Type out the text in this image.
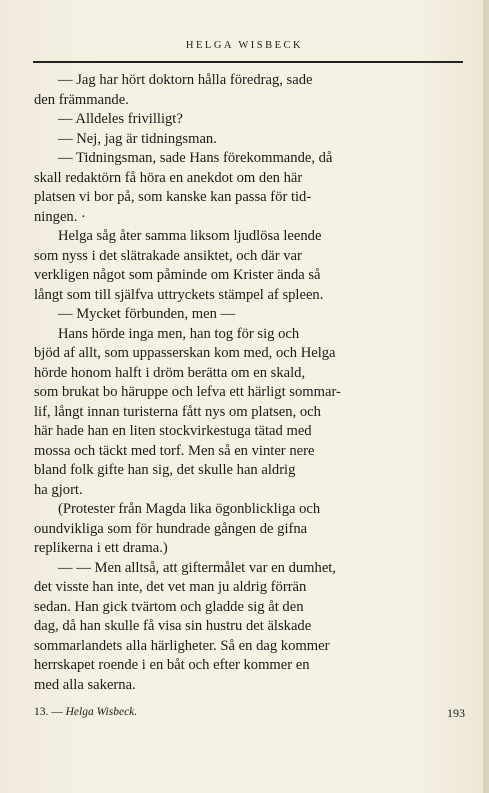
HELGA WISBECK
— Jag har hört doktorn hålla föredrag, sade
den främmande.
— Alldeles frivilligt?
— Nej, jag är tidningsman.
— Tidningsman, sade Hans förekommande, då
skall redaktörn få höra en anekdot om den här
platsen vi bor på, som kanske kan passa för tid-
ningen. ·
Helga såg åter samma liksom ljudlösa leende
som nyss i det slätrakade ansiktet, och där var
verkligen något som påminde om Krister ända så
långt som till själfva uttryckets stämpel af spleen.
— Mycket förbunden, men —
Hans hörde inga men, han tog för sig och
bjöd af allt, som uppasserskan kom med, och Helga
hörde honom halft i dröm berätta om en skald,
som brukat bo häruppe och lefva ett härligt sommar-
lif, långt innan turisterna fått nys om platsen, och
här hade han en liten stockvirkestuga tätad med
mossa och täckt med torf. Men så en vinter nere
bland folk gifte han sig, det skulle han aldrig
ha gjort.
(Protester från Magda lika ögonblickliga och
oundvikliga som för hundrade gången de gifna
replikerna i ett drama.)
— — Men alltså, att giftermålet var en dumhet,
det visste han inte, det vet man ju aldrig förrän
sedan. Han gick tvärtom och gladde sig åt den
dag, då han skulle få visa sin hustru det älskade
sommarlandets alla härligheter. Så en dag kommer
herrskapet roende i en båt och efter kommer en
med alla sakerna.
13. — Helga Wisbeck.	193
